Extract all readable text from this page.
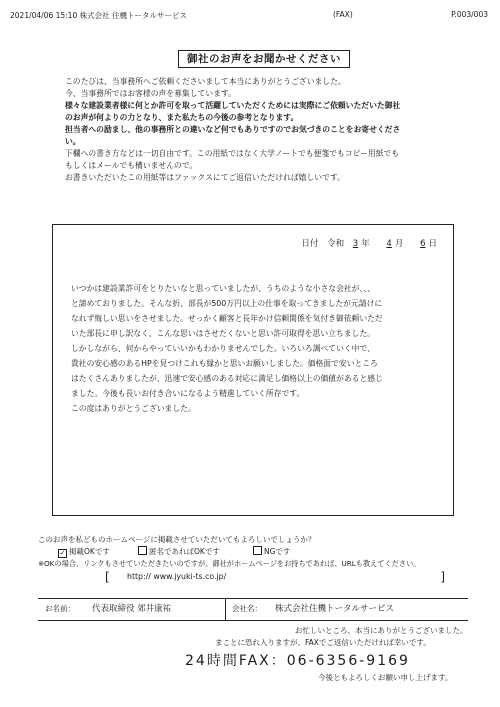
2021/04/06 15:10 株式会社 住機トータルサービス	(FAX)	P.003/003
御社のお声をお聞かせください

このたびは、当事務所へご依頼くださいまして本当にありがとうございました。

今、当事務所ではお客様の声を募集しています。

様々な建設業者様に何とか許可を取って活躍していただくためには実際にご依頼いただいた御社

のお声が何よりの力となり、また私たちの今後の参考となります。

担当者への励まし、他の事務所との違いなど何でもありですのでお気づきのことをお寄せくださ

い。

下欄への書き方などは一切自由です。この用紙ではなく大学ノートでも便箋でもコピー用紙でも

もしくはメールでも構いませんので。

お書きいただいたこの用紙等はファックスにてご返信いただければ嬉しいです。

日付 令和 3 年 4 月 6 日

いつかは建設業許可をとりたいなと思っていましたが、うちのような小さな会社が、、、

と諦めておりました。そんな折、部長が500万円以上の仕事を取ってきましたが元請けに

なれず悔しい思いをさせました。せっかく顧客と長年かけ信頼関係を気付き御依頼いただ

いた部長に申し訳なく、こんな思いはさせたくないと思い許可取得を思い立ちました。

しかしながら、何からやっていいかもわかりませんでした。いろいろ調べていく中で、

貴社の安心感のあるHPを見つけこれも縁かと思いお願いしました。価格面で安いところ

はたくさんありましたが、迅速で安心感のある対応に満足し価格以上の価値があると感じ

ました。今後も長いお付き合いになるよう精進していく所存です。

この度はありがとうございました。

このお声を私どものホームページに掲載させていただいてもよろしいでしょうか？
✓ 掲載OKです	匿名であればOKです	NGです
※OKの場合、リンクもさせていただきたいのですが、御社がホームページをお持ちであれば、URLも教えてください。
[ http:// www.jyuki-ts.co.jp/	]
お名前： 代表取締役 郊井康祐	会社名： 株式会社住機トータルサービス
お忙しいところ、本当にありがとうございました。
まことに恐れ入りますが、FAXでご返信いただければ幸いです。
24時間FAX：06-6356-9169
今後ともよろしくお願い申し上げます。
